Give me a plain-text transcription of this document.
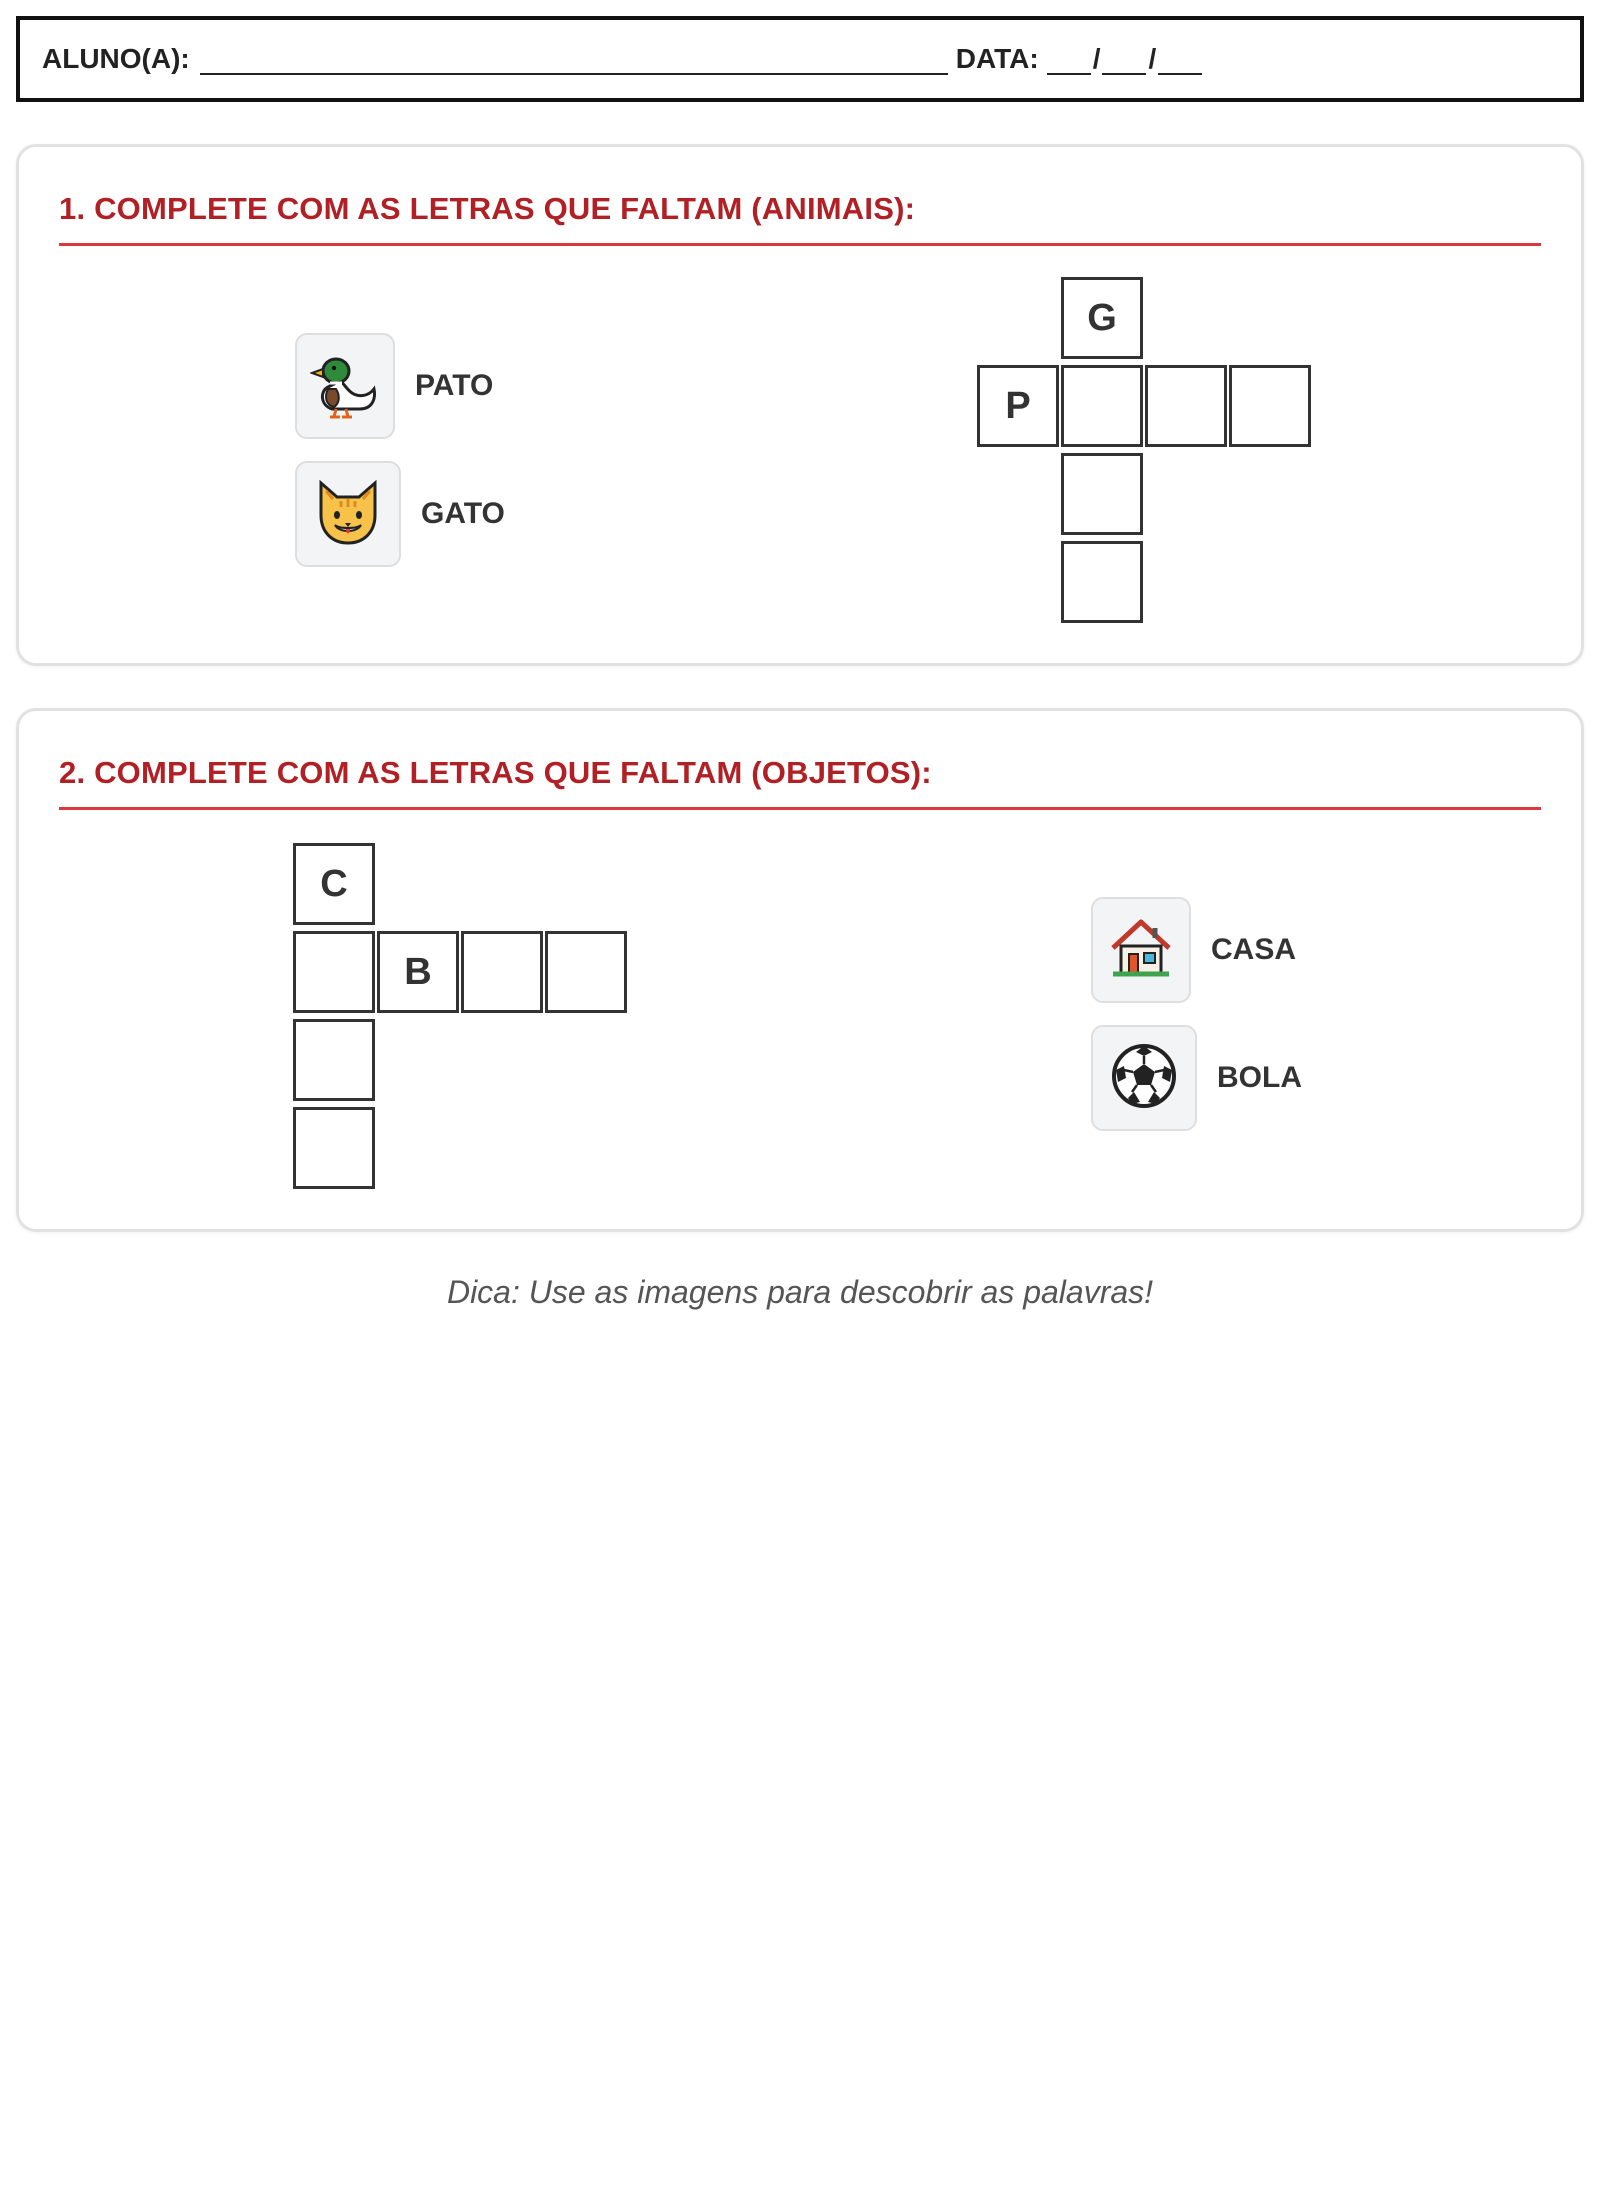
ALUNO(A):	DATA: / /
1. COMPLETE COM AS LETRAS QUE FALTAM (ANIMAIS):
PATO
GATO
G
P
2. COMPLETE COM AS LETRAS QUE FALTAM (OBJETOS):
C
B
CASA
BOLA
Dica: Use as imagens para descobrir as palavras!
